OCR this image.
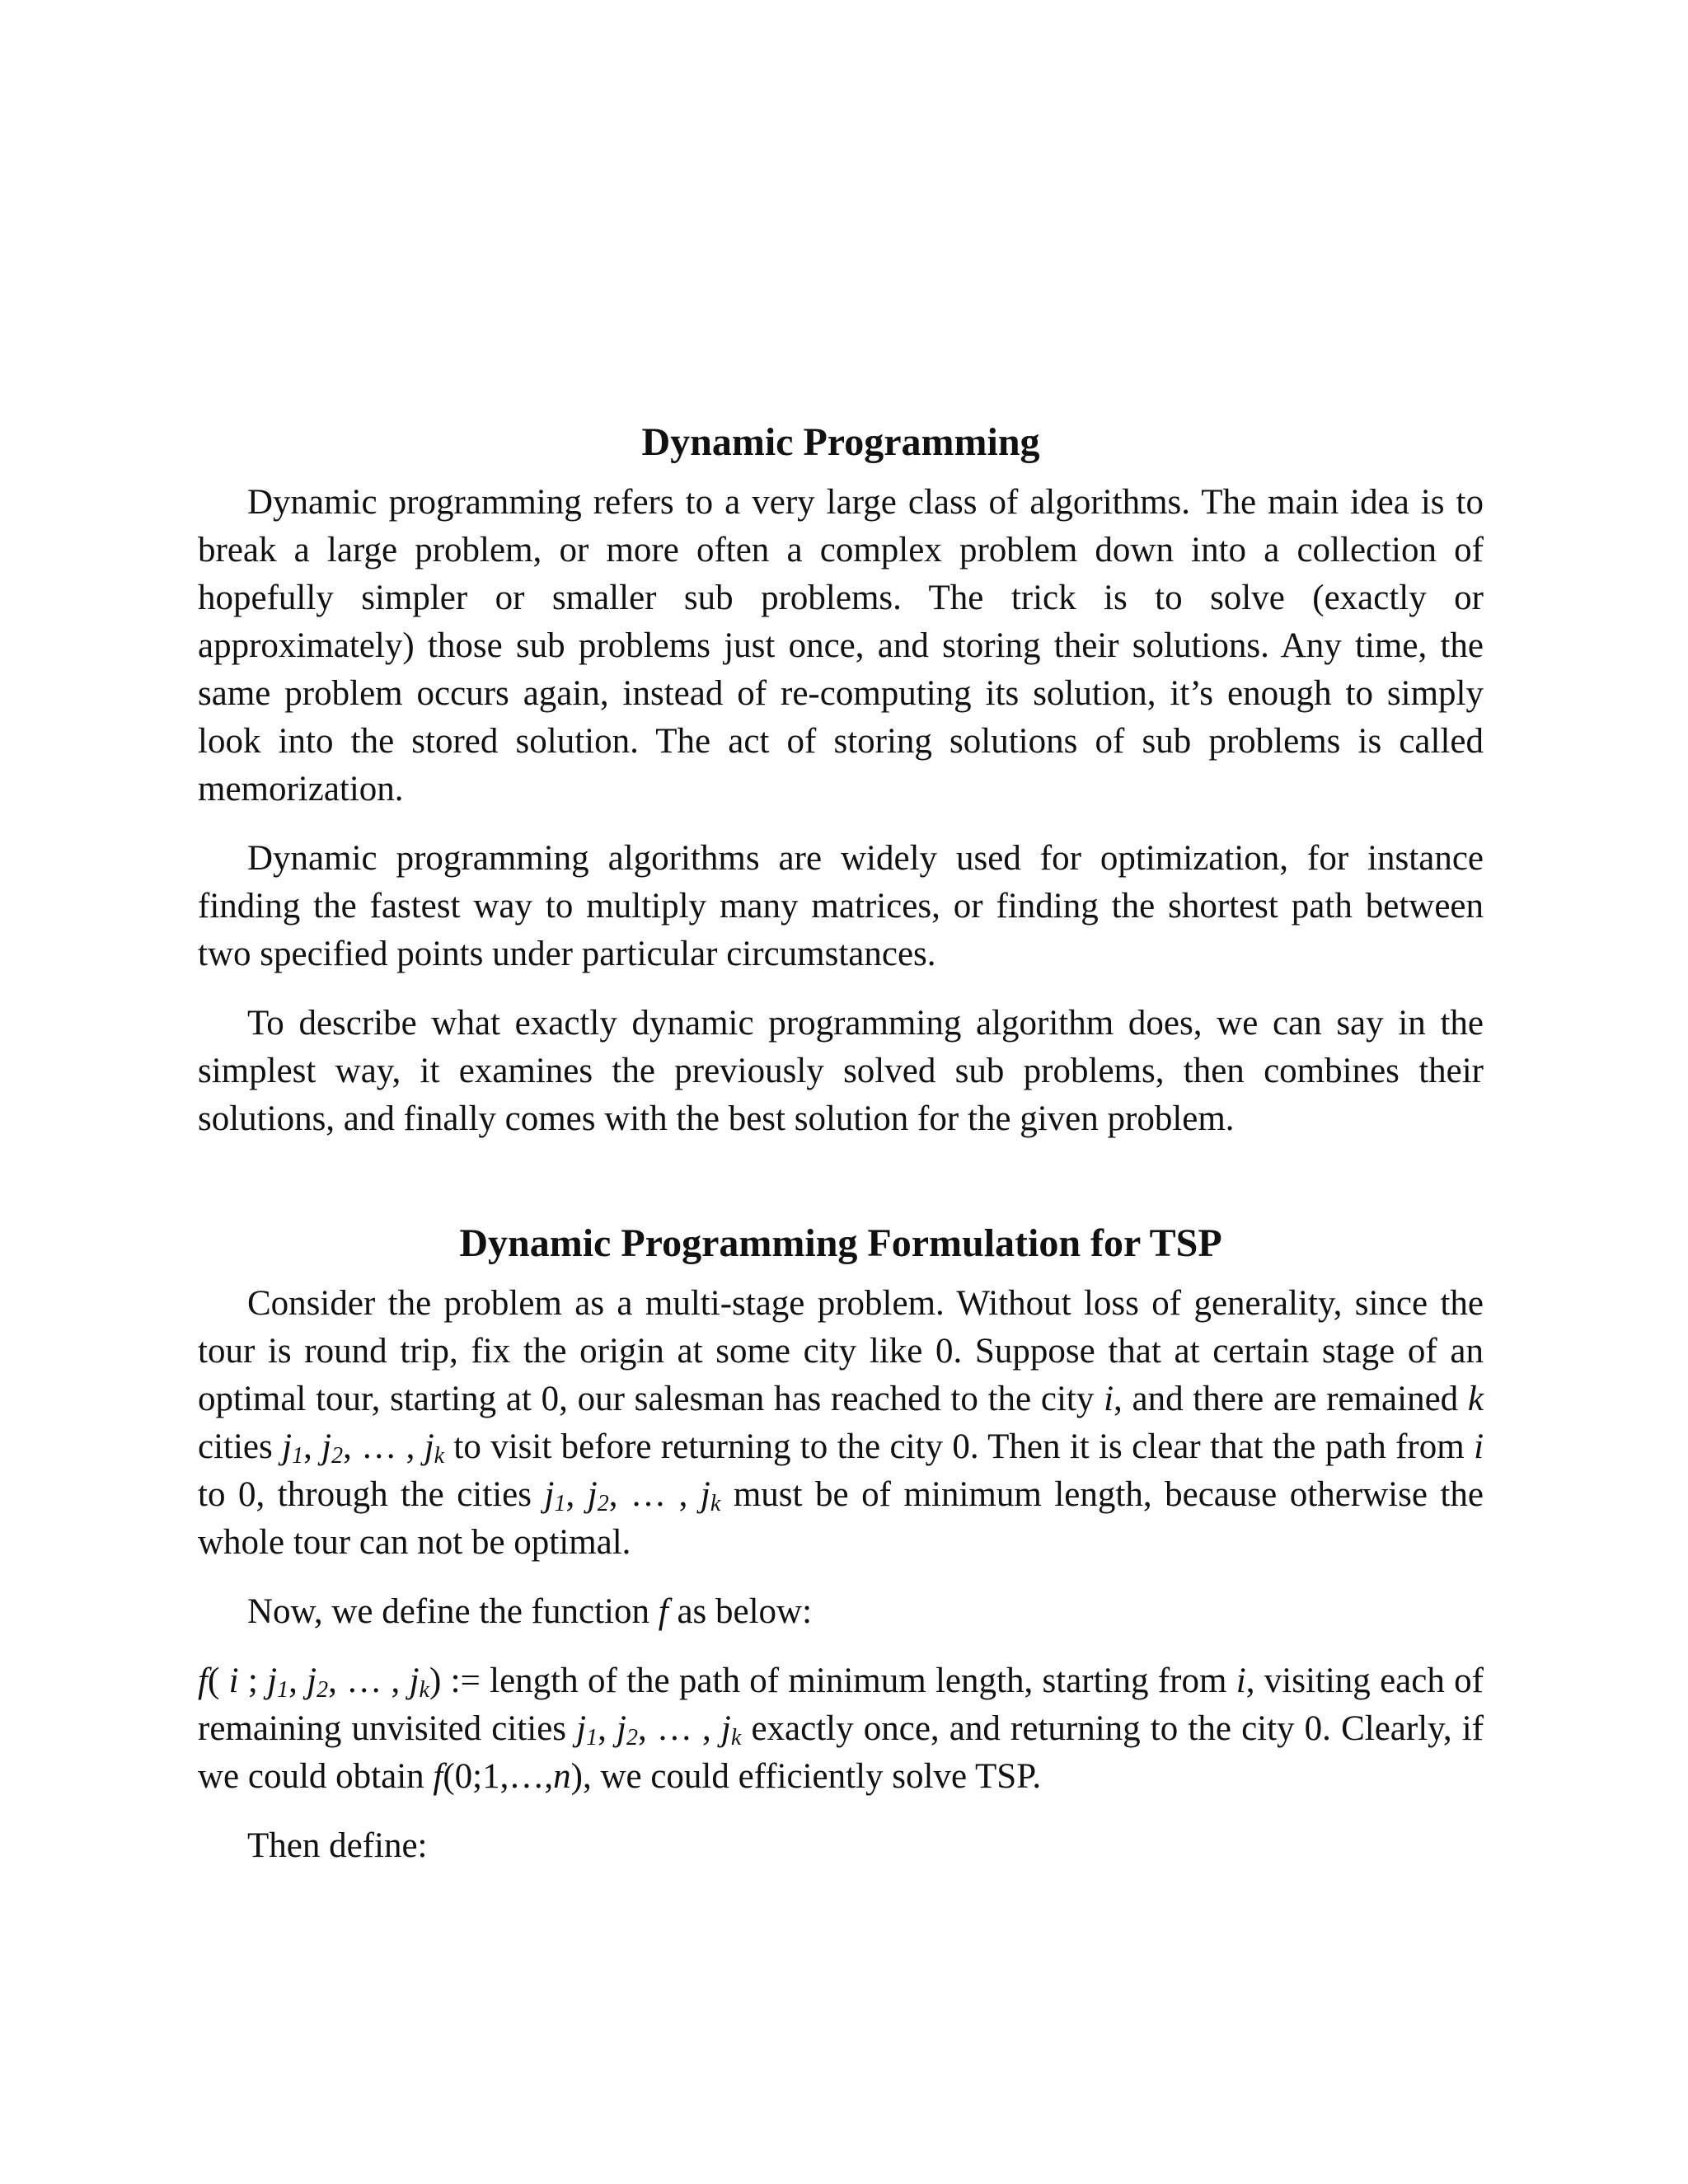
Dynamic Programming

Dynamic programming refers to a very large class of algorithms. The main idea is to break a large problem, or more often a complex problem down into a collection of hopefully simpler or smaller sub problems. The trick is to solve (exactly or approximately) those sub problems just once, and storing their solutions. Any time, the same problem occurs again, instead of re-computing its solution, it’s enough to simply look into the stored solution. The act of storing solutions of sub problems is called memorization.

Dynamic programming algorithms are widely used for optimization, for instance finding the fastest way to multiply many matrices, or finding the shortest path between two specified points under particular circumstances.

To describe what exactly dynamic programming algorithm does, we can say in the simplest way, it examines the previously solved sub problems, then combines their solutions, and finally comes with the best solution for the given problem.

Dynamic Programming Formulation for TSP

Consider the problem as a multi-stage problem. Without loss of generality, since the tour is round trip, fix the origin at some city like 0. Suppose that at certain stage of an optimal tour, starting at 0, our salesman has reached to the city i, and there are remained k cities $j_1$, $j_2$, … , $j_k$ to visit before returning to the city 0. Then it is clear that the path from i to 0, through the cities $j_1$, $j_2$, … , $j_k$ must be of minimum length, because otherwise the whole tour can not be optimal.

Now, we define the function f as below:

f( i ; $j_1$, $j_2$, … , $j_k$) := length of the path of minimum length, starting from i, visiting each of remaining unvisited cities $j_1$, $j_2$, … , $j_k$ exactly once, and returning to the city 0. Clearly, if we could obtain f(0;1,…,n), we could efficiently solve TSP.

Then define:
